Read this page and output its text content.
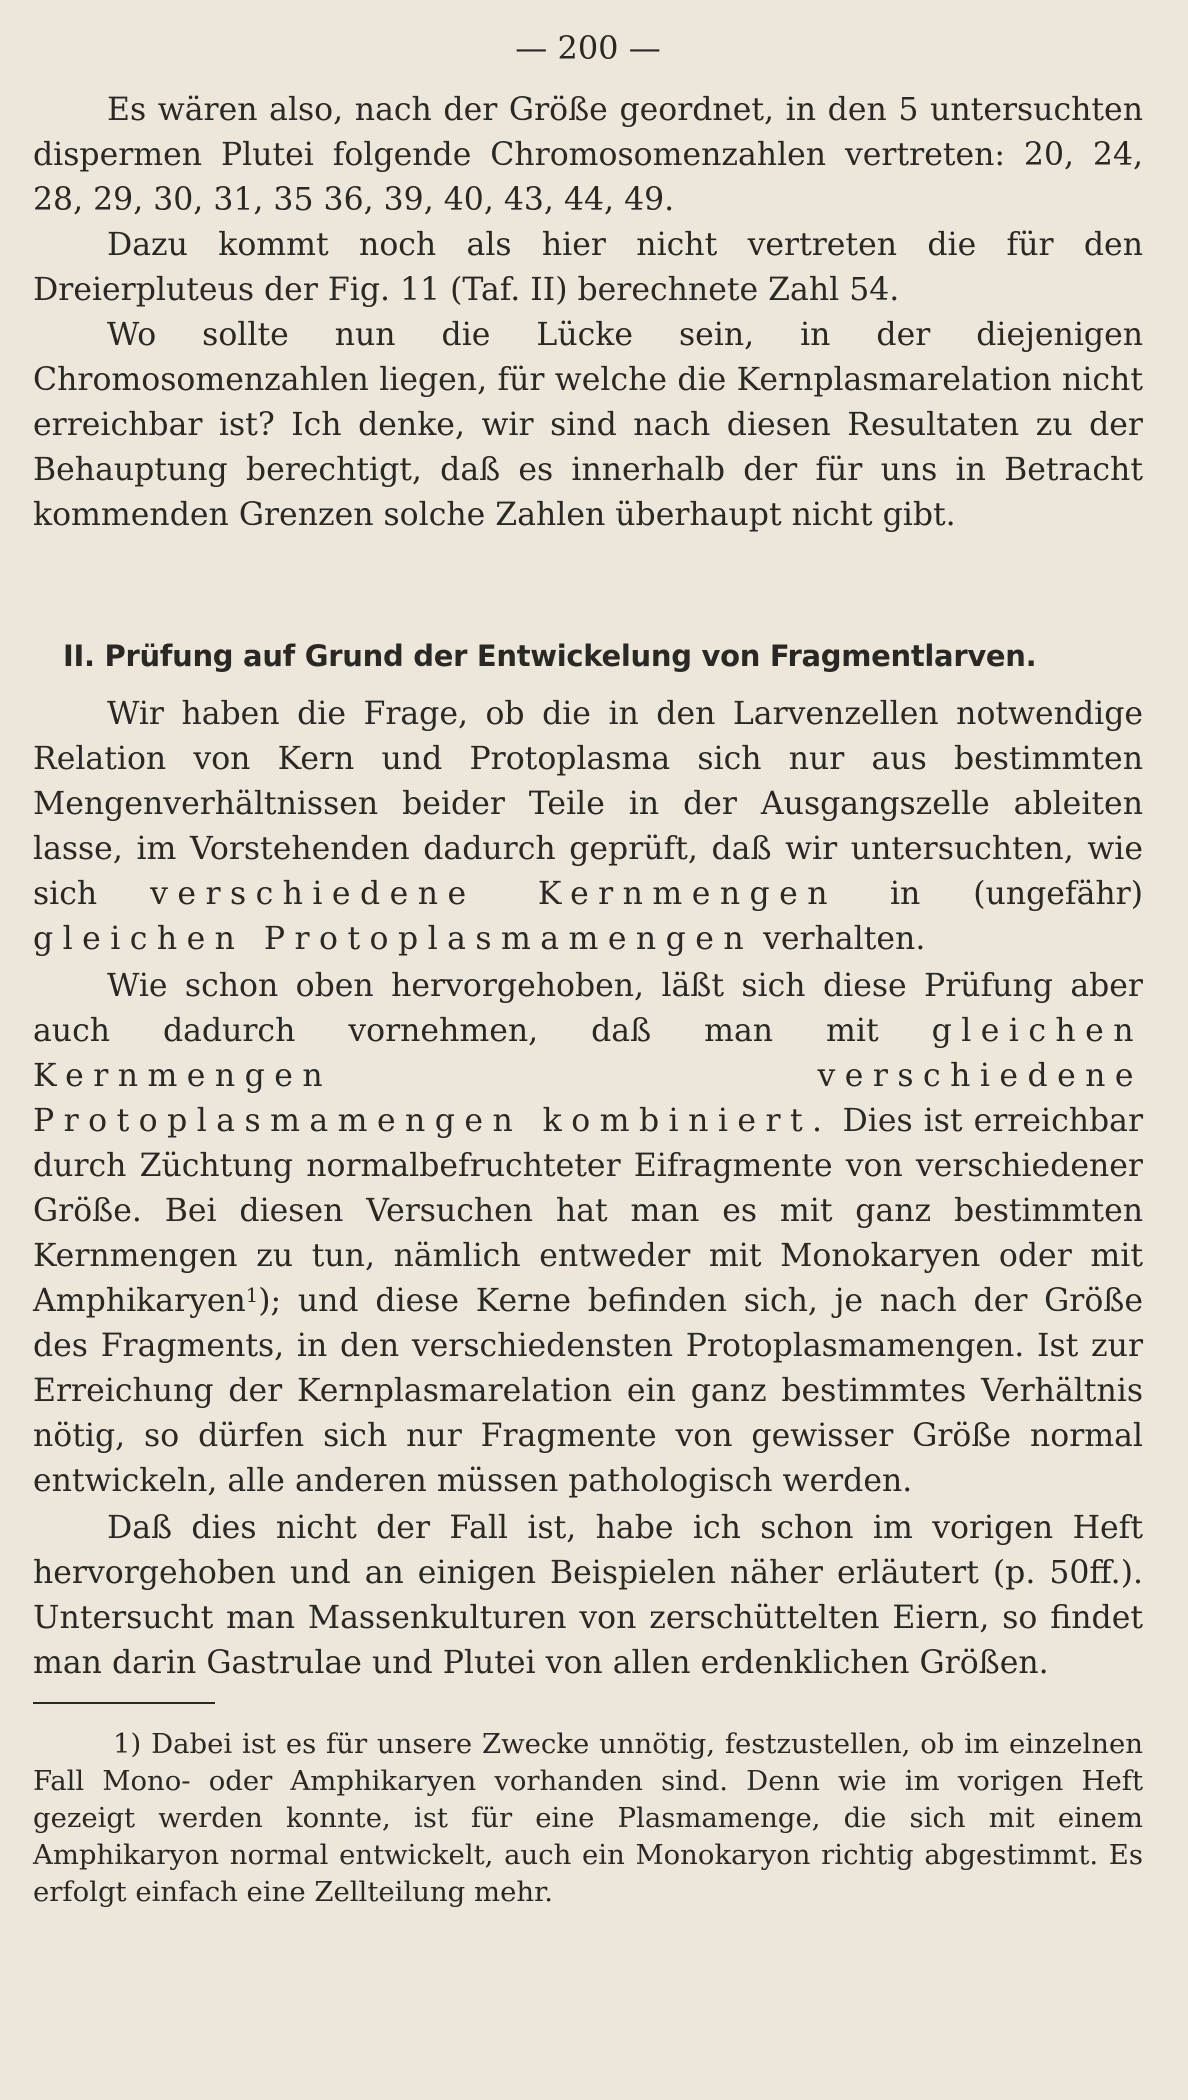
— 200 —

Es wären also, nach der Größe geordnet, in den 5 untersuchten dispermen Plutei folgende Chromosomenzahlen vertreten: 20, 24, 28, 29, 30, 31, 35 36, 39, 40, 43, 44, 49.

Dazu kommt noch als hier nicht vertreten die für den Dreierpluteus der Fig. 11 (Taf. II) berechnete Zahl 54.

Wo sollte nun die Lücke sein, in der diejenigen Chromosomenzahlen liegen, für welche die Kernplasmarelation nicht erreichbar ist? Ich denke, wir sind nach diesen Resultaten zu der Behauptung berechtigt, daß es innerhalb der für uns in Betracht kommenden Grenzen solche Zahlen überhaupt nicht gibt.

II. Prüfung auf Grund der Entwickelung von Fragmentlarven.

Wir haben die Frage, ob die in den Larvenzellen notwendige Relation von Kern und Protoplasma sich nur aus bestimmten Mengenverhältnissen beider Teile in der Ausgangszelle ableiten lasse, im Vorstehenden dadurch geprüft, daß wir untersuchten, wie sich verschiedene Kernmengen in (ungefähr) gleichen Protoplasmamengen verhalten.

Wie schon oben hervorgehoben, läßt sich diese Prüfung aber auch dadurch vornehmen, daß man mit gleichen Kernmengen verschiedene Protoplasmamengen kombiniert. Dies ist erreichbar durch Züchtung normalbefruchteter Eifragmente von verschiedener Größe. Bei diesen Versuchen hat man es mit ganz bestimmten Kernmengen zu tun, nämlich entweder mit Monokaryen oder mit Amphikaryen$^1$); und diese Kerne befinden sich, je nach der Größe des Fragments, in den verschiedensten Protoplasmamengen. Ist zur Erreichung der Kernplasmarelation ein ganz bestimmtes Verhältnis nötig, so dürfen sich nur Fragmente von gewisser Größe normal entwickeln, alle anderen müssen pathologisch werden.

Daß dies nicht der Fall ist, habe ich schon im vorigen Heft hervorgehoben und an einigen Beispielen näher erläutert (p. 50ff.). Untersucht man Massenkulturen von zerschüttelten Eiern, so findet man darin Gastrulae und Plutei von allen erdenklichen Größen.

1) Dabei ist es für unsere Zwecke unnötig, festzustellen, ob im einzelnen Fall Mono- oder Amphikaryen vorhanden sind. Denn wie im vorigen Heft gezeigt werden konnte, ist für eine Plasmamenge, die sich mit einem Amphikaryon normal entwickelt, auch ein Monokaryon richtig abgestimmt. Es erfolgt einfach eine Zellteilung mehr.
